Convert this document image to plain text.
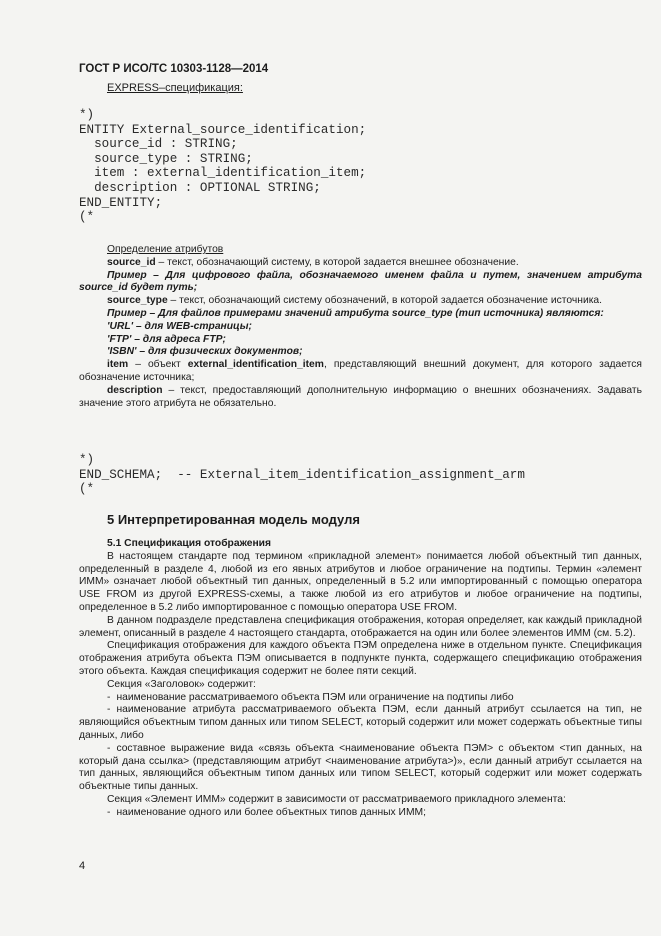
ГОСТ Р ИСО/ТС 10303-1128—2014
EXPRESS–спецификация:
*)
ENTITY External_source_identification;
source_id : STRING;
source_type : STRING;
item : external_identification_item;
description : OPTIONAL STRING;
END_ENTITY;
(*

Определение атрибутов

source_id – текст, обозначающий систему, в которой задается внешнее обозначение.

Пример – Для цифрового файла, обозначаемого именем файла и путем, значением атрибута source_id будет путь;

source_type – текст, обозначающий систему обозначений, в которой задается обозначение источника.

Пример – Для файлов примерами значений атрибута source_type (тип источника) являются:

'URL' – для WEB-страницы;

'FTP' – для адреса FTP;

'ISBN' – для физических документов;

item – объект external_identification_item, представляющий внешний документ, для которого задается обозначение источника;

description – текст, предоставляющий дополнительную информацию о внешних обозначениях. Задавать значение этого атрибута не обязательно.

*)
END_SCHEMA;  -- External_item_identification_assignment_arm
(*
5 Интерпретированная модель модуля

5.1 Спецификация отображения

В настоящем стандарте под термином «прикладной элемент» понимается любой объектный тип данных, определенный в разделе 4, любой из его явных атрибутов и любое ограничение на подтипы. Термин «элемент ИММ» означает любой объектный тип данных, определенный в 5.2 или импортированный с помощью оператора USE FROM из другой EXPRESS-схемы, а также любой из его атрибутов и любое ограничение на подтипы, определенное в 5.2 либо импортированное с помощью оператора USE FROM.

В данном подразделе представлена спецификация отображения, которая определяет, как каждый прикладной элемент, описанный в разделе 4 настоящего стандарта, отображается на один или более элементов ИММ (см. 5.2).

Спецификация отображения для каждого объекта ПЭМ определена ниже в отдельном пункте. Спецификация отображения атрибута объекта ПЭМ описывается в подпункте пункта, содержащего спецификацию отображения этого объекта. Каждая спецификация содержит не более пяти секций.

Секция «Заголовок» содержит:

- наименование рассматриваемого объекта ПЭМ или ограничение на подтипы либо

- наименование атрибута рассматриваемого объекта ПЭМ, если данный атрибут ссылается на тип, не являющийся объектным типом данных или типом SELECT, который содержит или может содержать объектные типы данных, либо

- составное выражение вида «связь объекта <наименование объекта ПЭМ> с объектом <тип данных, на который дана ссылка> (представляющим атрибут <наименование атрибута>)», если данный атрибут ссылается на тип данных, являющийся объектным типом данных или типом SELECT, который содержит или может содержать объектные типы данных.

Секция «Элемент ИММ» содержит в зависимости от рассматриваемого прикладного элемента:

- наименование одного или более объектных типов данных ИММ;

4
